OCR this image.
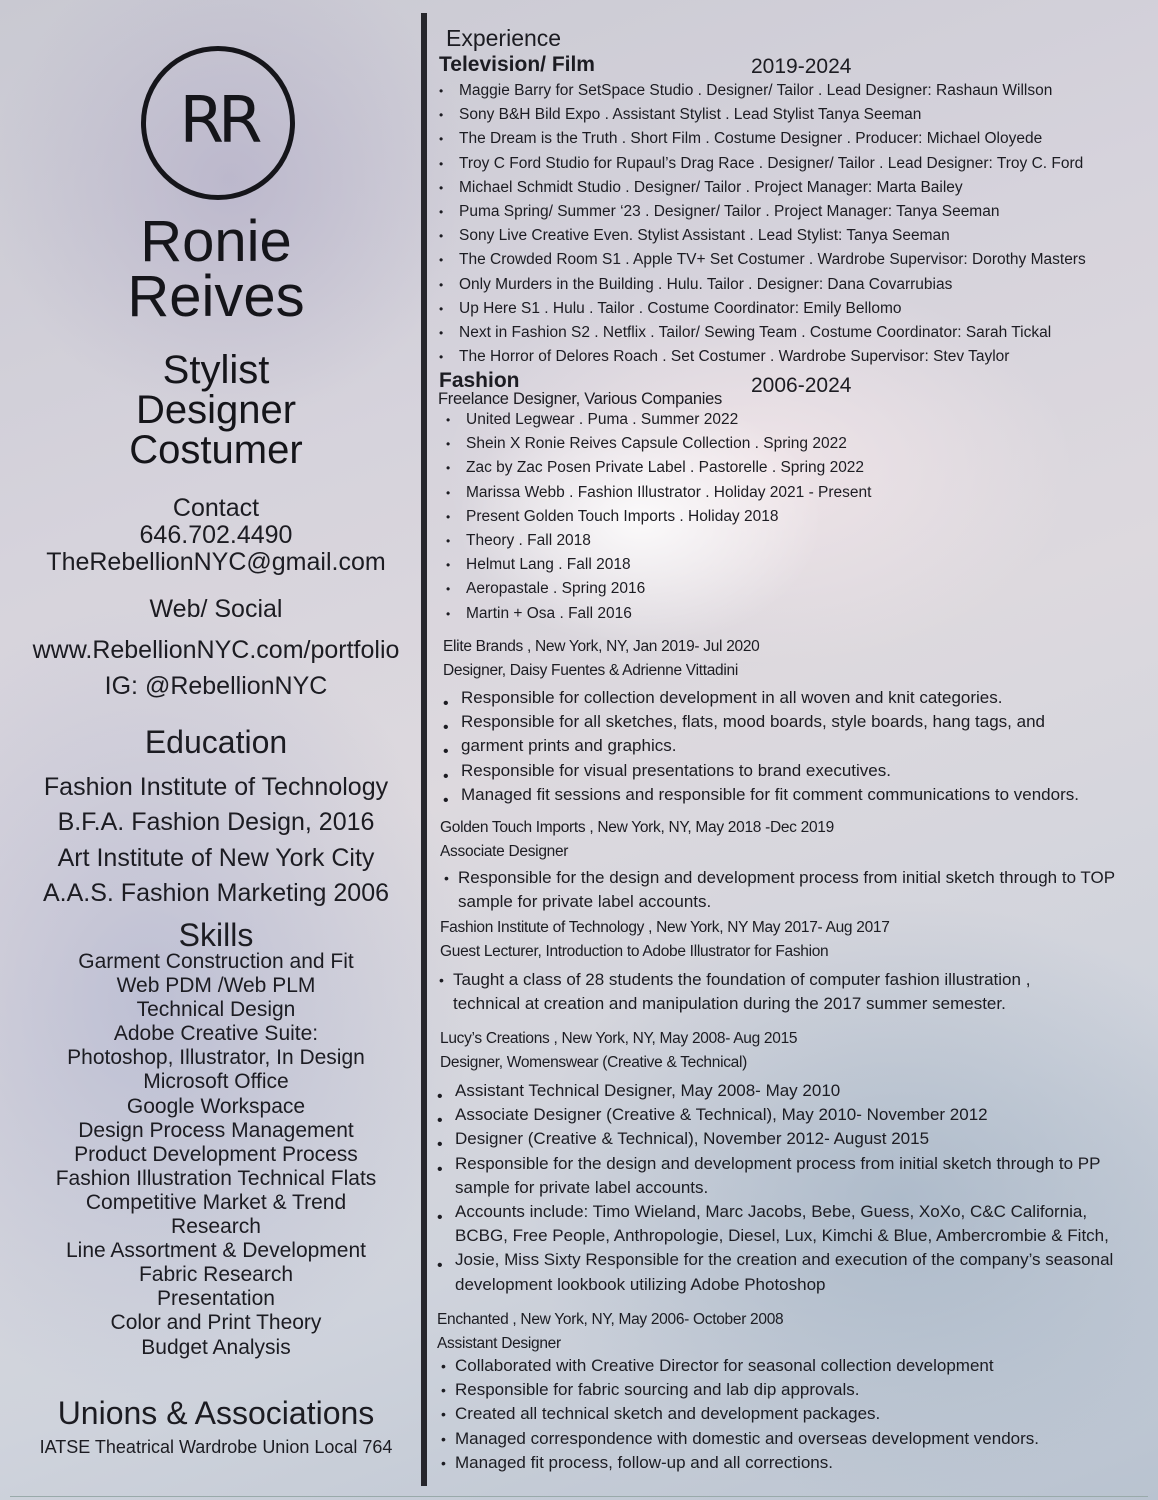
RR
Ronie
Reives
Stylist
Designer
Costumer
Contact
646.702.4490
TheRebellionNYC@gmail.com
Web/ Social
www.RebellionNYC.com/portfolio
IG: @RebellionNYC
Education
Fashion Institute of Technology
B.F.A. Fashion Design, 2016
Art Institute of New York City
A.A.S. Fashion Marketing 2006
Skills
Garment Construction and Fit
Web PDM /Web PLM
Technical Design
Adobe Creative Suite:
Photoshop, Illustrator, In Design
Microsoft Office
Google Workspace
Design Process Management
Product Development Process
Fashion Illustration Technical Flats
Competitive Market & Trend
Research
Line Assortment & Development
Fabric Research
Presentation
Color and Print Theory
Budget Analysis
Unions & Associations
IATSE Theatrical Wardrobe Union Local 764
Experience
Television/ Film	2019-2024
• Maggie Barry for SetSpace Studio . Designer/ Tailor . Lead Designer: Rashaun Willson
• Sony B&H Bild Expo . Assistant Stylist . Lead Stylist Tanya Seeman
• The Dream is the Truth . Short Film . Costume Designer . Producer: Michael Oloyede
• Troy C Ford Studio for Rupaul’s Drag Race . Designer/ Tailor . Lead Designer: Troy C. Ford
• Michael Schmidt Studio . Designer/ Tailor . Project Manager: Marta Bailey
• Puma Spring/ Summer ‘23 . Designer/ Tailor . Project Manager: Tanya Seeman
• Sony Live Creative Even. Stylist Assistant . Lead Stylist: Tanya Seeman
• The Crowded Room S1 . Apple TV+ Set Costumer . Wardrobe Supervisor: Dorothy Masters
• Only Murders in the Building . Hulu. Tailor . Designer: Dana Covarrubias
• Up Here S1 . Hulu . Tailor . Costume Coordinator: Emily Bellomo
• Next in Fashion S2 . Netflix . Tailor/ Sewing Team . Costume Coordinator: Sarah Tickal
• The Horror of Delores Roach . Set Costumer . Wardrobe Supervisor: Stev Taylor
Fashion	2006-2024
Freelance Designer, Various Companies
• United Legwear . Puma . Summer 2022
• Shein X Ronie Reives Capsule Collection . Spring 2022
• Zac by Zac Posen Private Label . Pastorelle . Spring 2022
• Marissa Webb . Fashion Illustrator . Holiday 2021 - Present
• Present Golden Touch Imports . Holiday 2018
• Theory . Fall 2018
• Helmut Lang . Fall 2018
• Aeropastale . Spring 2016
• Martin + Osa . Fall 2016
Elite Brands , New York, NY, Jan 2019- Jul 2020
Designer, Daisy Fuentes & Adrienne Vittadini
• Responsible for collection development in all woven and knit categories.
• Responsible for all sketches, flats, mood boards, style boards, hang tags, and
• garment prints and graphics.
• Responsible for visual presentations to brand executives.
• Managed fit sessions and responsible for fit comment communications to vendors.
Golden Touch Imports , New York, NY, May 2018 -Dec 2019
Associate Designer
• Responsible for the design and development process from initial sketch through to TOP
sample for private label accounts.
Fashion Institute of Technology , New York, NY May 2017- Aug 2017
Guest Lecturer, Introduction to Adobe Illustrator for Fashion
• Taught a class of 28 students the foundation of computer fashion illustration ,
technical at creation and manipulation during the 2017 summer semester.
Lucy’s Creations , New York, NY, May 2008- Aug 2015
Designer, Womenswear (Creative & Technical)
• Assistant Technical Designer, May 2008- May 2010
• Associate Designer (Creative & Technical), May 2010- November 2012
• Designer (Creative & Technical), November 2012- August 2015
• Responsible for the design and development process from initial sketch through to PP
sample for private label accounts.
• Accounts include: Timo Wieland, Marc Jacobs, Bebe, Guess, XoXo, C&C California,
BCBG, Free People, Anthropologie, Diesel, Lux, Kimchi & Blue, Ambercrombie & Fitch,
• Josie, Miss Sixty Responsible for the creation and execution of the company’s seasonal
development lookbook utilizing Adobe Photoshop
Enchanted , New York, NY, May 2006- October 2008
Assistant Designer
• Collaborated with Creative Director for seasonal collection development
• Responsible for fabric sourcing and lab dip approvals.
• Created all technical sketch and development packages.
• Managed correspondence with domestic and overseas development vendors.
• Managed fit process, follow-up and all corrections.
